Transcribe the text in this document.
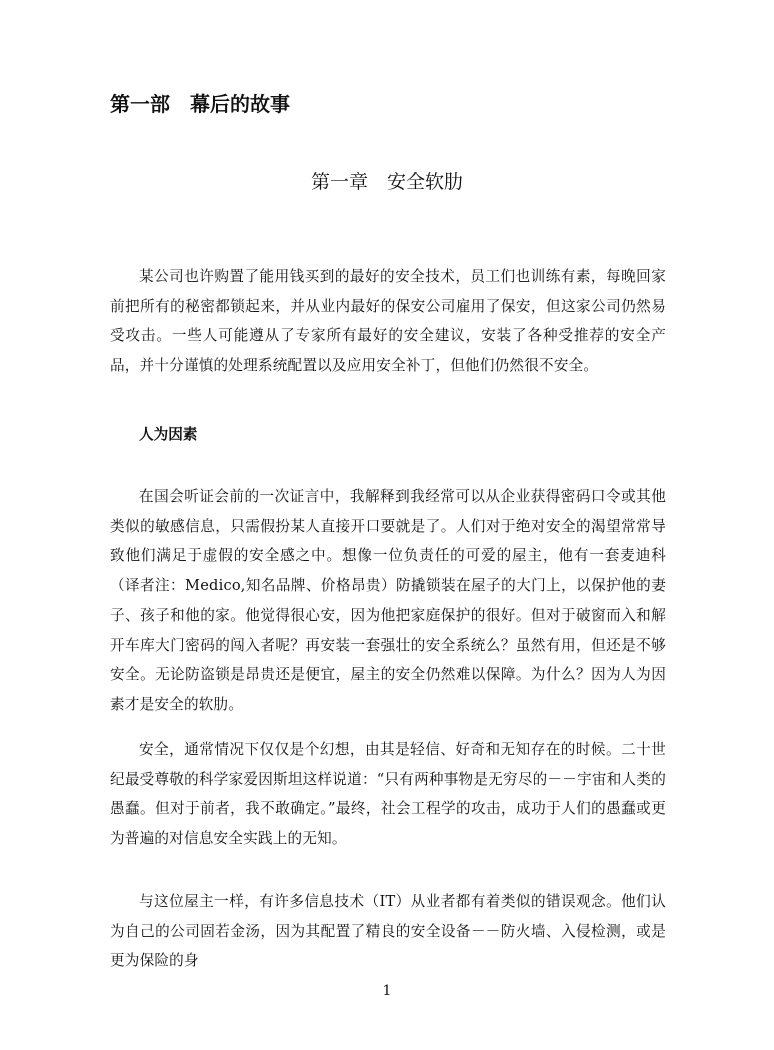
第一部　幕后的故事
第一章　安全软肋

某公司也许购置了能用钱买到的最好的安全技术，员工们也训练有素，每晚回家前把所有的秘密都锁起来，并从业内最好的保安公司雇用了保安，但这家公司仍然易受攻击。一些人可能遵从了专家所有最好的安全建议，安装了各种受推荐的安全产品，并十分谨慎的处理系统配置以及应用安全补丁，但他们仍然很不安全。

人为因素

在国会听证会前的一次证言中，我解释到我经常可以从企业获得密码口令或其他类似的敏感信息，只需假扮某人直接开口要就是了。人们对于绝对安全的渴望常常导致他们满足于虚假的安全感之中。想像一位负责任的可爱的屋主，他有一套麦迪科（译者注：Medico,知名品牌、价格昂贵）防撬锁装在屋子的大门上，以保护他的妻子、孩子和他的家。他觉得很心安，因为他把家庭保护的很好。但对于破窗而入和解开车库大门密码的闯入者呢？再安装一套强壮的安全系统么？虽然有用，但还是不够安全。无论防盗锁是昂贵还是便宜，屋主的安全仍然难以保障。为什么？因为人为因素才是安全的软肋。

安全，通常情况下仅仅是个幻想，由其是轻信、好奇和无知存在的时候。二十世纪最受尊敬的科学家爱因斯坦这样说道：“只有两种事物是无穷尽的－－宇宙和人类的愚蠢。但对于前者，我不敢确定。”最终，社会工程学的攻击，成功于人们的愚蠢或更为普遍的对信息安全实践上的无知。

与这位屋主一样，有许多信息技术（IT）从业者都有着类似的错误观念。他们认为自己的公司固若金汤，因为其配置了精良的安全设备－－防火墙、入侵检测，或是更为保险的身

1
